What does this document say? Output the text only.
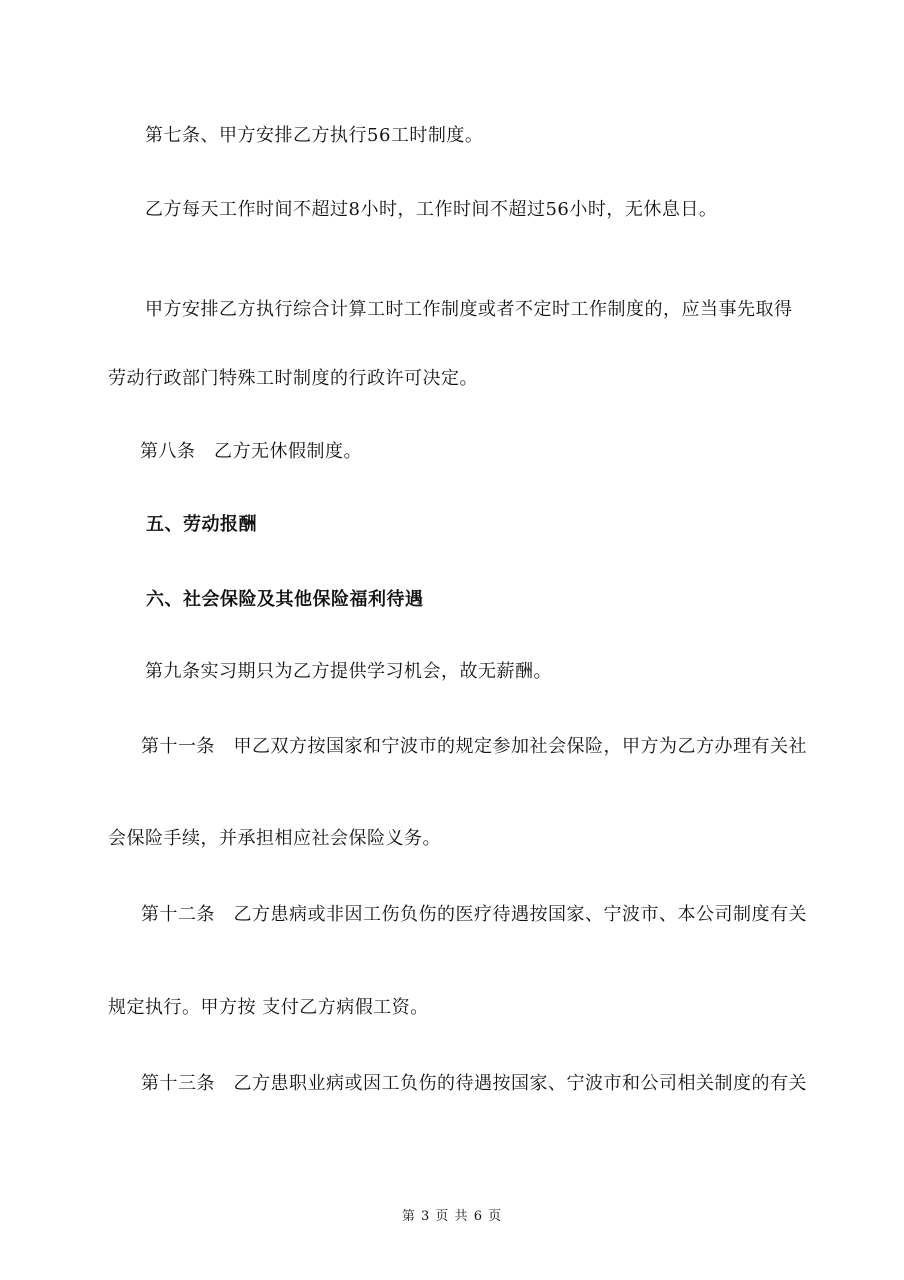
第七条、甲方安排乙方执行56工时制度。
乙方每天工作时间不超过8小时，工作时间不超过56小时，无休息日。
甲方安排乙方执行综合计算工时工作制度或者不定时工作制度的，应当事先取得
劳动行政部门特殊工时制度的行政许可决定。
第八条　乙方无休假制度。
五、劳动报酬
六、社会保险及其他保险福利待遇
第九条实习期只为乙方提供学习机会，故无薪酬。
第十一条　甲乙双方按国家和宁波市的规定参加社会保险，甲方为乙方办理有关社
会保险手续，并承担相应社会保险义务。
第十二条　乙方患病或非因工伤负伤的医疗待遇按国家、宁波市、本公司制度有关
规定执行。甲方按 支付乙方病假工资。
第十三条　乙方患职业病或因工负伤的待遇按国家、宁波市和公司相关制度的有关
第 3 页 共 6 页
